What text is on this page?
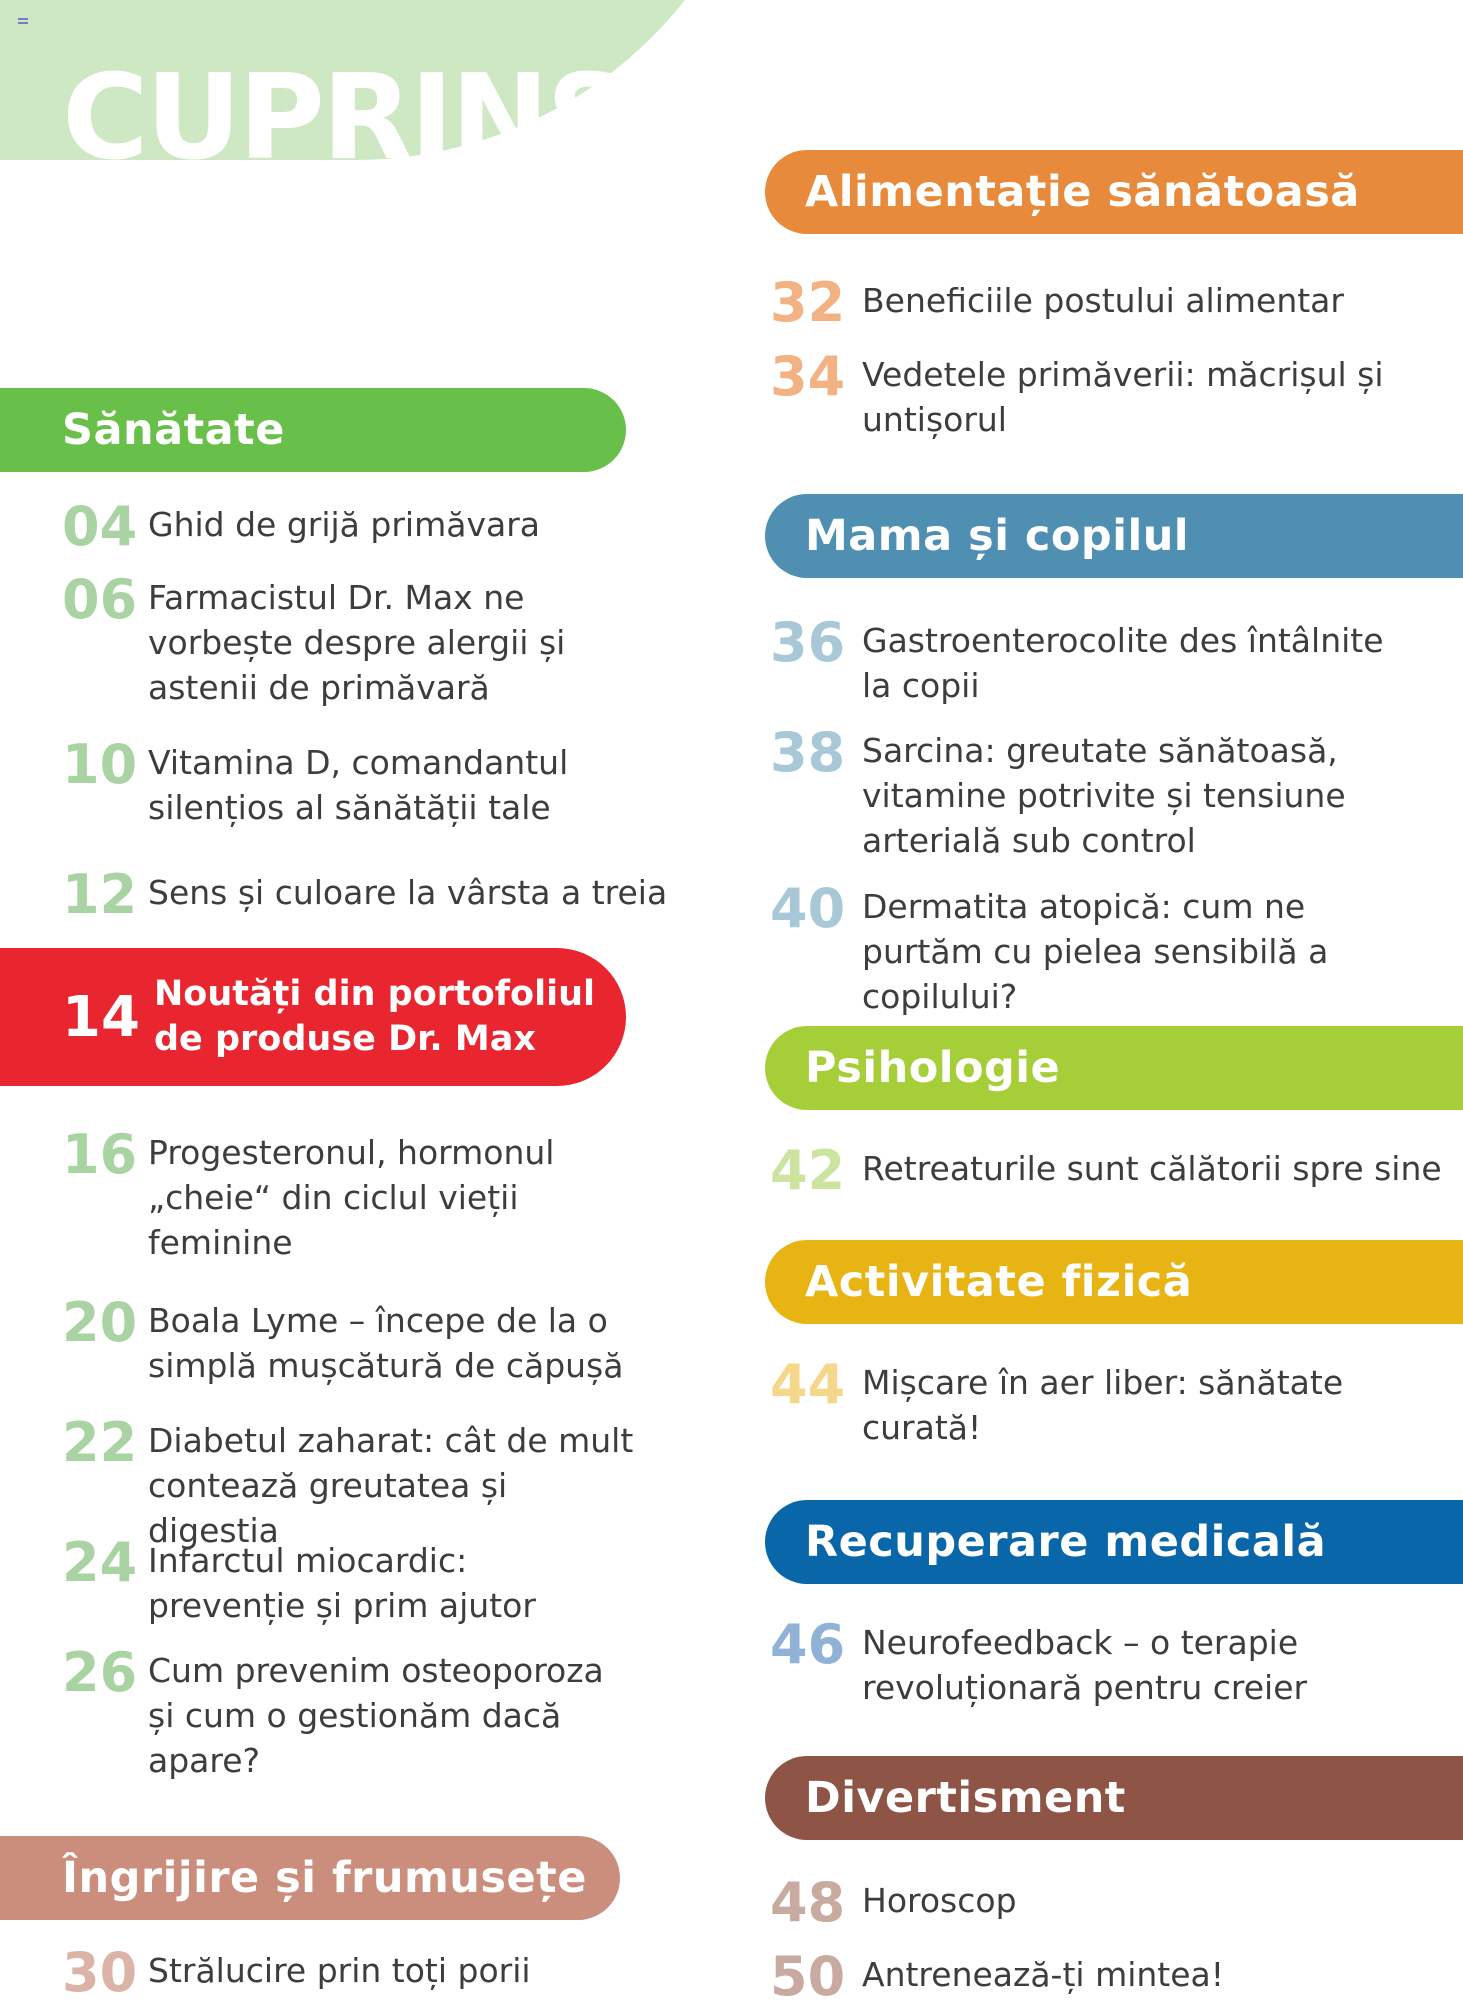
CUPRINS
Sănătate
04 Ghid de grijă primăvara
06 Farmacistul Dr. Max ne vorbește despre alergii și astenii de primăvară
10 Vitamina D, comandantul silențios al sănătății tale
12 Sens și culoare la vârsta a treia
14 Noutăți din portofoliul
de produse Dr. Max
16 Progesteronul, hormonul „cheie“ din ciclul vieții feminine
20 Boala Lyme – începe de la o simplă mușcătură de căpușă
22 Diabetul zaharat: cât de mult contează greutatea și digestia
24 Infarctul miocardic: prevenție și prim ajutor
26 Cum prevenim osteoporoza și cum o gestionăm dacă apare?
Îngrijire și frumusețe
30 Strălucire prin toți porii
Alimentație sănătoasă
32 Beneficiile postului alimentar
34 Vedetele primăverii: măcrișul și untișorul
Mama și copilul
36 Gastroenterocolite des întâlnite la copii
38 Sarcina: greutate sănătoasă, vitamine potrivite și tensiune arterială sub control
40 Dermatita atopică: cum ne purtăm cu pielea sensibilă a copilului?
Psihologie
42 Retreaturile sunt călătorii spre sine
Activitate fizică
44 Mișcare în aer liber: sănătate curată!
Recuperare medicală
46 Neurofeedback – o terapie revoluționară pentru creier
Divertisment
48 Horoscop
50 Antrenează-ți mintea!
